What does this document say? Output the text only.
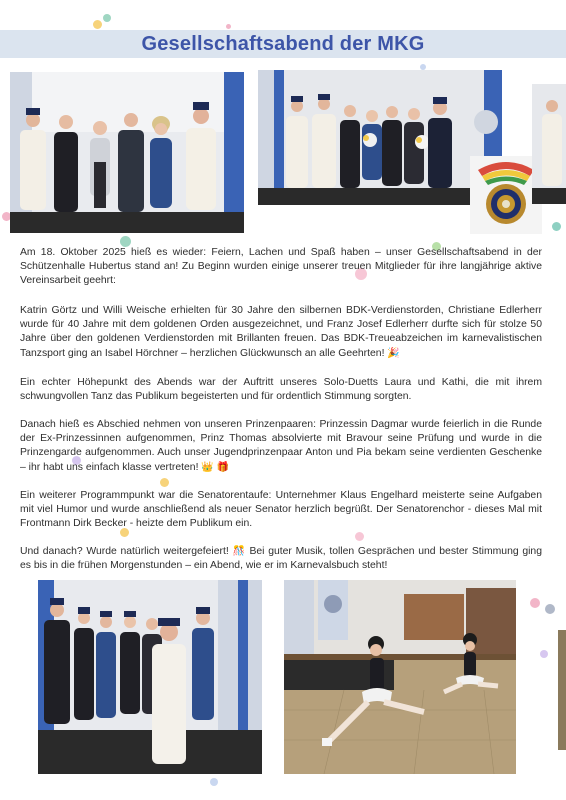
Gesellschaftsabend der MKG

Am 18. Oktober 2025 hieß es wieder: Feiern, Lachen und Spaß haben – unser Gesellschaftsabend in der Schützenhalle Hubertus stand an! Zu Beginn wurden einige unserer treuen Mitglieder für ihre langjährige aktive Vereinsarbeit geehrt:

Katrin Görtz und Willi Weische erhielten für 30 Jahre den silbernen BDK-Verdienstorden, Christiane Edlerherr wurde für 40 Jahre mit dem goldenen Orden ausgezeichnet, und Franz Josef Edlerherr durfte sich für stolze 50 Jahre über den goldenen Verdienstorden mit Brillanten freuen. Das BDK-Treueabzeichen im karnevalistischen Tanzsport ging an Isabel Hörchner – herzlichen Glückwunsch an alle Geehrten! 🎉

Ein echter Höhepunkt des Abends war der Auftritt unseres Solo-Duetts Laura und Kathi, die mit ihrem schwungvollen Tanz das Publikum begeisterten und für ordentlich Stimmung sorgten.

Danach hieß es Abschied nehmen von unseren Prinzenpaaren: Prinzessin Dagmar wurde feierlich in die Runde der Ex-Prinzessinnen aufgenommen, Prinz Thomas absolvierte mit Bravour seine Prüfung und wurde in die Prinzengarde aufgenommen. Auch unser Jugendprinzenpaar Anton und Pia bekam seine verdienten Geschenke – ihr habt uns einfach klasse vertreten! 👑 🎁

Ein weiterer Programmpunkt war die Senatorentaufe: Unternehmer Klaus Engelhard meisterte seine Aufgaben mit viel Humor und wurde anschließend als neuer Senator herzlich begrüßt. Der Senatorenchor - dieses Mal mit Frontmann Dirk Becker - heizte dem Publikum ein.

Und danach? Wurde natürlich weitergefeiert! 🎊 Bei guter Musik, tollen Gesprächen und bester Stimmung ging es bis in die frühen Morgenstunden – ein Abend, wie er im Karnevalsbuch steht!
